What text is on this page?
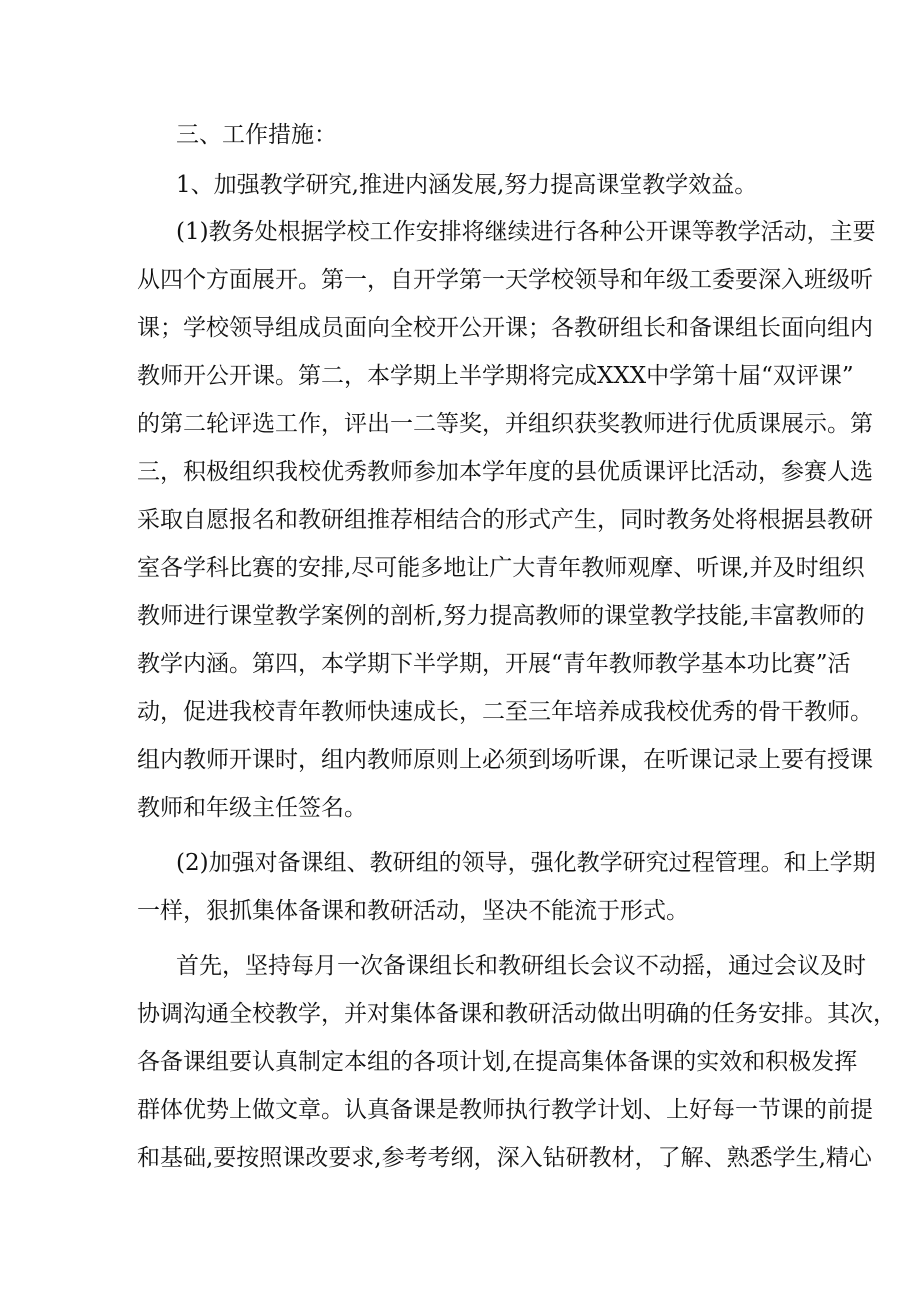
三、工作措施：
1、加强教学研究,推进内涵发展,努力提高课堂教学效益。
(1)教务处根据学校工作安排将继续进行各种公开课等教学活动，主要
从四个方面展开。第一，自开学第一天学校领导和年级工委要深入班级听
课；学校领导组成员面向全校开公开课；各教研组长和备课组长面向组内
教师开公开课。第二，本学期上半学期将完成XXX中学第十届“双评课”
的第二轮评选工作，评出一二等奖，并组织获奖教师进行优质课展示。第
三，积极组织我校优秀教师参加本学年度的县优质课评比活动，参赛人选
采取自愿报名和教研组推荐相结合的形式产生，同时教务处将根据县教研
室各学科比赛的安排,尽可能多地让广大青年教师观摩、听课,并及时组织
教师进行课堂教学案例的剖析,努力提高教师的课堂教学技能,丰富教师的
教学内涵。第四，本学期下半学期，开展“青年教师教学基本功比赛”活
动，促进我校青年教师快速成长，二至三年培养成我校优秀的骨干教师。
组内教师开课时，组内教师原则上必须到场听课，在听课记录上要有授课
教师和年级主任签名。
(2)加强对备课组、教研组的领导，强化教学研究过程管理。和上学期
一样，狠抓集体备课和教研活动，坚决不能流于形式。
首先，坚持每月一次备课组长和教研组长会议不动摇，通过会议及时
协调沟通全校教学，并对集体备课和教研活动做出明确的任务安排。其次，
各备课组要认真制定本组的各项计划,在提高集体备课的实效和积极发挥
群体优势上做文章。认真备课是教师执行教学计划、上好每一节课的前提
和基础,要按照课改要求,参考考纲，深入钻研教材，了解、熟悉学生,精心
